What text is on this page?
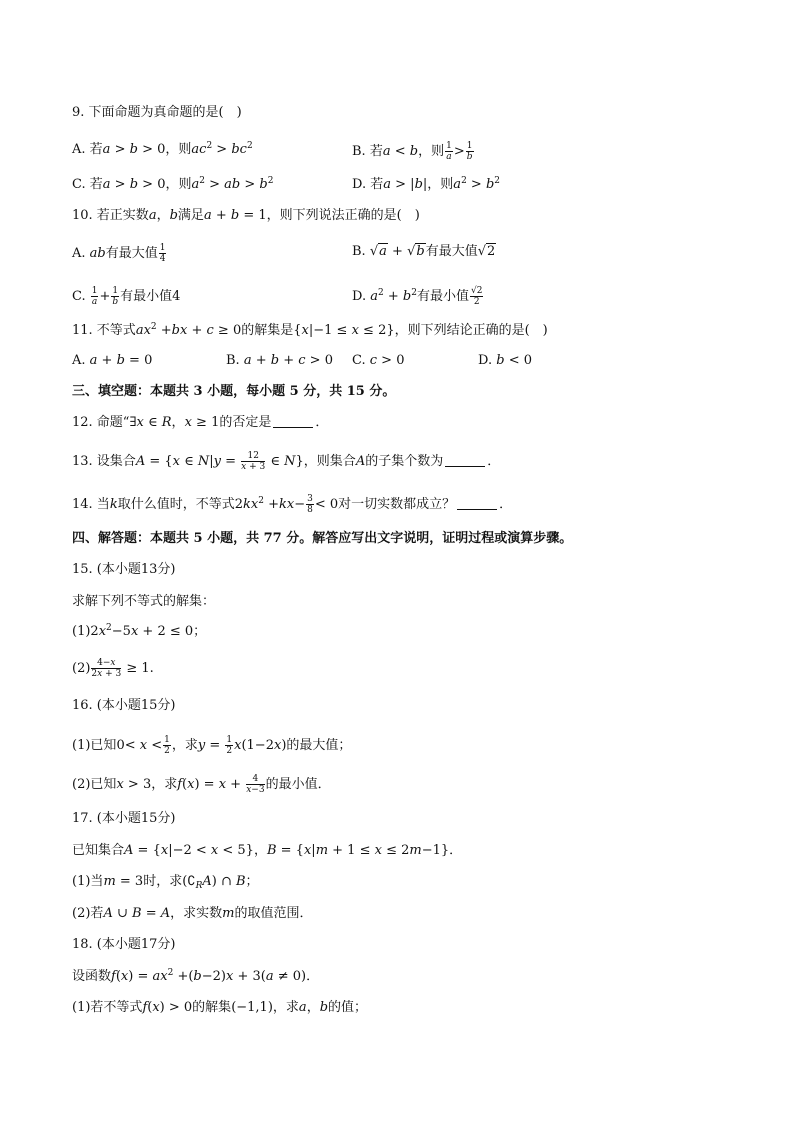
9. 下面命题为真命题的是(　)
A. 若a > b > 0，则$ac^2 > bc^2$	B. 若a < b，则 $\frac{1}{a} > \frac{1}{b}$
C. 若a > b > 0，则$a^2$ > ab > $b^2$	D. 若a > |b|，则$a^2 > b^2$
10. 若正实数a，b满足a + b = 1，则下列说法正确的是(　)
A. ab有最大值 $\frac{1}{4}$	B. √a + √b有最大值√2
C. $\frac{1}{a} + \frac{1}{b}$ 有最小值4	D. $a^2 + b^2$有最小值 $\frac{√2}{2}$
11. 不等式$ax^2 +bx + c \ge 0$的解集是{x|−1 ≤ x ≤ 2}，则下列结论正确的是(　)
A. a + b = 0	B. a + b + c > 0 C. c > 0	D. b < 0
三、填空题：本题共 3 小题，每小题 5 分，共 15 分。
12. 命题“∃x ∈ R，x ≥ 1的否定是	．
13. 设集合A = {x ∈ $N|y = \frac{12}{x + 3}$ ∈ N}，则集合A的子集个数为	．
14. 当k取什么值时，不等式$2kx^2 +kx- \frac{3}{8} < 0$对一切实数都成立？	．
四、解答题：本题共 5 小题，共 77 分。解答应写出文字说明，证明过程或演算步骤。
15. (本小题13分)
求解下列不等式的解集：
$(1)2x^2-5x + 2 \le 0$；
$(2) \frac{4-x}{2x + 3} \ge 1$.
16. (本小题15分)
(1)已知$0< x < \frac{1}{2}$ ，求$y = \frac{1}{2} x(1-2x)$的最大值；
(2)已知x > 3，求$f(x) = x + \frac{4}{x-3}$ 的最小值．
17. (本小题15分)
已知集合A = {x|−2 < x < 5}，B = {x|m + 1 ≤ x ≤ 2m−1}．
(1)当m = 3时，求$(∁_RA)$ ∩ B；
(2)若A ∪ B = A，求实数m的取值范围．
18. (本小题17分)
设函数$f(x) = ax^2 +(b-2)x + 3(a \ne 0)$．
(1)若不等式f(x) > 0的解集(−1,1)，求a，b的值；
